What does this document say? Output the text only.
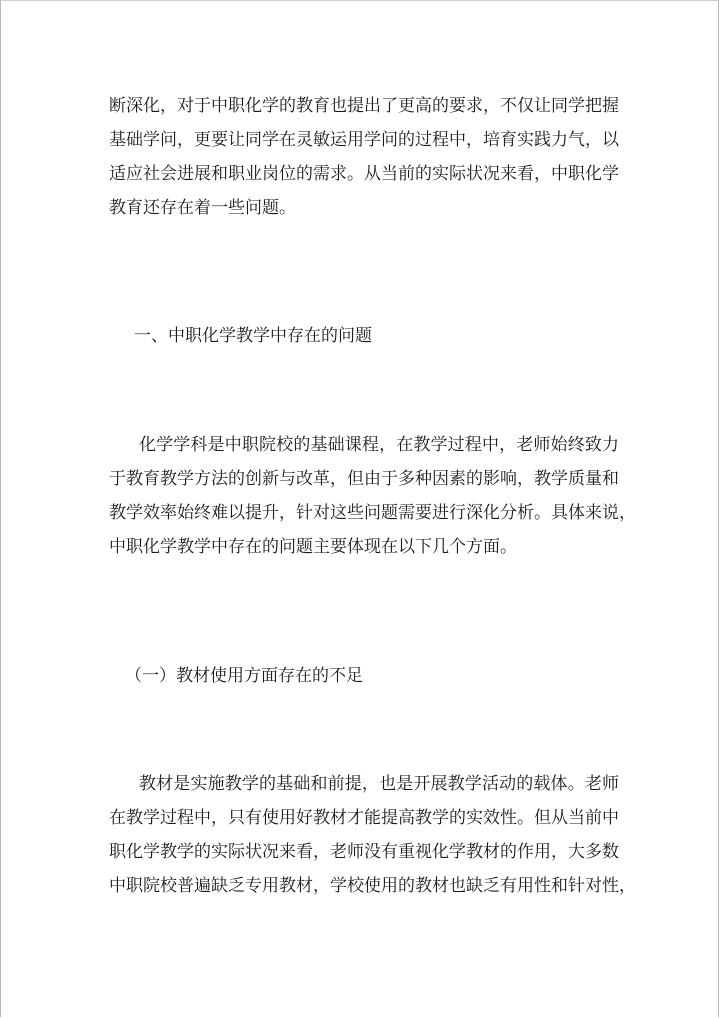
断深化，对于中职化学的教育也提出了更高的要求，不仅让同学把握
基础学问，更要让同学在灵敏运用学问的过程中，培育实践力气，以
适应社会进展和职业岗位的需求。从当前的实际状况来看，中职化学
教育还存在着一些问题。
一、中职化学教学中存在的问题
化学学科是中职院校的基础课程，在教学过程中，老师始终致力
于教育教学方法的创新与改革，但由于多种因素的影响，教学质量和
教学效率始终难以提升，针对这些问题需要进行深化分析。具体来说，
中职化学教学中存在的问题主要体现在以下几个方面。
（一）教材使用方面存在的不足
教材是实施教学的基础和前提，也是开展教学活动的载体。老师
在教学过程中，只有使用好教材才能提高教学的实效性。但从当前中
职化学教学的实际状况来看，老师没有重视化学教材的作用，大多数
中职院校普遍缺乏专用教材，学校使用的教材也缺乏有用性和针对性，
